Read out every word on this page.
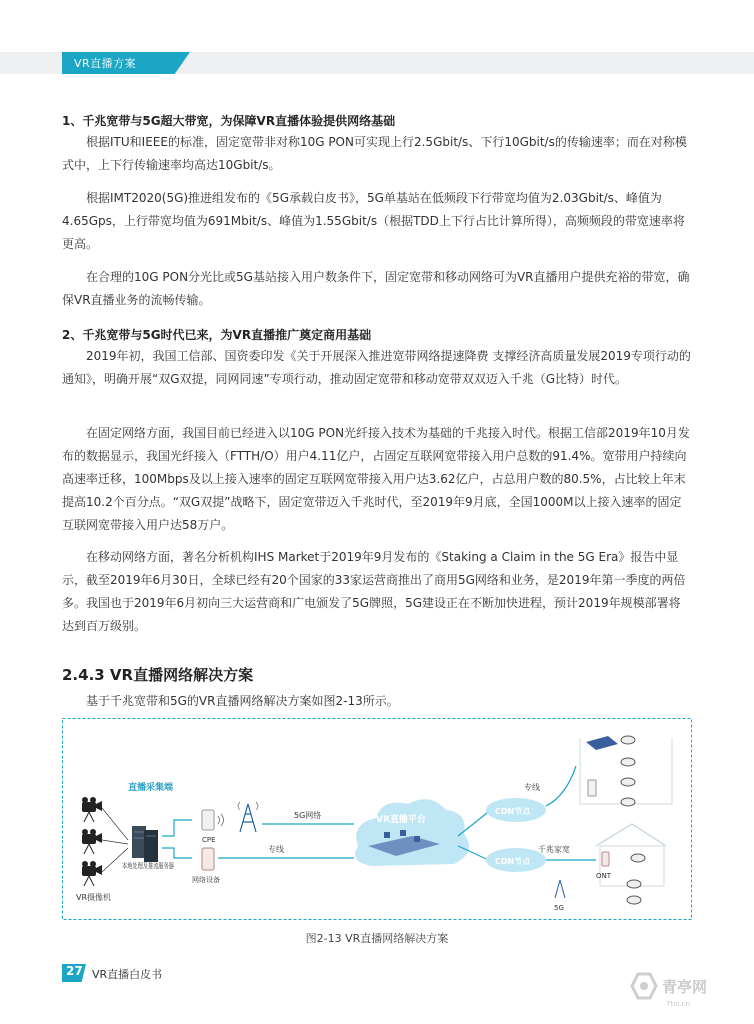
VR直播方案
1、千兆宽带与5G超大带宽，为保障VR直播体验提供网络基础

根据ITU和IEEE的标准，固定宽带非对称10G PON可实现上行2.5Gbit/s、下行10Gbit/s的传输速率；而在对称模式中，上下行传输速率均高达10Gbit/s。

根据IMT2020(5G)推进组发布的《5G承载白皮书》，5G单基站在低频段下行带宽均值为2.03Gbit/s、峰值为4.65Gps，上行带宽均值为691Mbit/s、峰值为1.55Gbit/s（根据TDD上下行占比计算所得），高频频段的带宽速率将更高。

在合理的10G PON分光比或5G基站接入用户数条件下，固定宽带和移动网络可为VR直播用户提供充裕的带宽，确保VR直播业务的流畅传输。

2、千兆宽带与5G时代已来，为VR直播推广奠定商用基础

2019年初，我国工信部、国资委印发《关于开展深入推进宽带网络提速降费 支撑经济高质量发展2019专项行动的通知》，明确开展“双G双提，同网同速”专项行动，推动固定宽带和移动宽带双双迈入千兆（G比特）时代。

在固定网络方面，我国目前已经进入以10G PON光纤接入技术为基础的千兆接入时代。根据工信部2019年10月发布的数据显示，我国光纤接入（FTTH/O）用户4.11亿户，占固定互联网宽带接入用户总数的91.4%。宽带用户持续向高速率迁移，100Mbps及以上接入速率的固定互联网宽带接入用户达3.62亿户，占总用户数的80.5%，占比较上年末提高10.2个百分点。“双G双提”战略下，固定宽带迈入千兆时代，至2019年9月底，全国1000M以上接入速率的固定互联网宽带接入用户达58万户。

在移动网络方面，著名分析机构IHS Market于2019年9月发布的《Staking a Claim in the 5G Era》报告中显示，截至2019年6月30日，全球已经有20个国家的33家运营商推出了商用5G网络和业务，是2019年第一季度的两倍多。我国也于2019年6月初向三大运营商和广电颁发了5G牌照，5G建设正在不断加快进程，预计2019年规模部署将达到百万级别。

2.4.3 VR直播网络解决方案
基于千兆宽带和5G的VR直播网络解决方案如图2-13所示。
直播采集端
VR摄像机
本地处理及推流服务器
CPE
网络设备
5G网络
专线
VR直播平台
CDN节点
CDN节点
专线
千兆家宽
ONT
5G
图2-13 VR直播网络解决方案
27 VR直播白皮书
青亭网
7tin.cn
